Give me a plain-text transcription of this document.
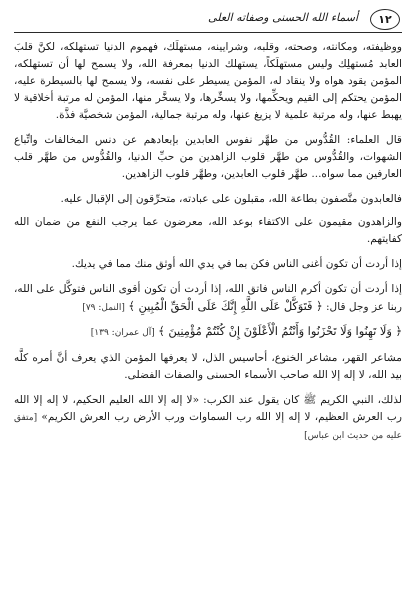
أسماء الله الحسنى وصفاته العلى	١٢

ووظيفته، ومكانته، وصحته، وقلبه، وشرايينه، مستهلَك، فهموم الدنيا تستهلكه، لكنَّ قلبَ العابد مُستهلِك وليس مستهلَكاً، يستهلك الدنيا بمعرفة الله، ولا يسمح لها أن تستهلكه، المؤمن يقود هواه ولا ينقاد له، المؤمن يسيطر على نفسه، ولا يسمح لها بالسيطرة عليه، المؤمن يحتكم إلى القيم ويحكِّمها، ولا يسخِّرها، ولا يسخَّر منها، المؤمن له مرتبة أخلاقية لا يهبط عنها، وله مرتبة علمية لا يزيغ عنها، وله مرتبة جمالية، المؤمن شخصيَّة فذَّة.

قال العلماء: القُدُّوس من طهَّر نفوس العابدين بإبعادهم عن دنس المخالفات واتِّباع الشهوات، والقُدُّوس من طهَّر قلوب الزاهدين من حبِّ الدنيا، والقُدُّوس من طهَّر قلب العارفين مما سواه... طهَّر قلوب العابدين، وطهَّر قلوب الزاهدين.

فالعابدون متَّصفون بطاعة الله، مقبلون على عبادته، متحرِّقون إلى الإقبال عليه.

والزاهدون مقيمون على الاكتفاء بوعد الله، معرضون عما يرجب النفع من ضمان الله كفايتهم.

إذا أردت أن تكون أغنى الناس فكن بما في يدي الله أوثق منك مما في يديك.

إذا أردت أن تكون أكرم الناس فاتق الله، إذا أردت أن تكون أقوى الناس فتوكَّل على الله، ربنا عز وجل قال: ﴿ فَتَوَكَّلْ عَلَى اللَّهِ إِنَّكَ عَلَى الْحَقِّ الْمُبِينِ ﴾ [النمل: ٧٩]

﴿ وَلَا تَهِنُوا وَلَا تَحْزَنُوا وَأَنْتُمُ الْأَعْلَوْنَ إِنْ كُنْتُمْ مُؤْمِنِينَ ﴾ [آل عمران: ١٣٩]

مشاعر القهر، مشاعر الخنوع، أحاسيس الذل، لا يعرفها المؤمن الذي يعرف أنَّ أمره كلَّه بيد الله، لا إله إلا الله صاحب الأسماء الحسنى والصفات الفضلى.

لذلك، النبي الكريم ﷺ كان يقول عند الكرب: «لا إله إلا الله العليم الحكيم، لا إله إلا الله رب العرش العظيم، لا إله إلا الله رب السماوات ورب الأرض رب العرش الكريم» [متفق عليه من حديث ابن عباس]
